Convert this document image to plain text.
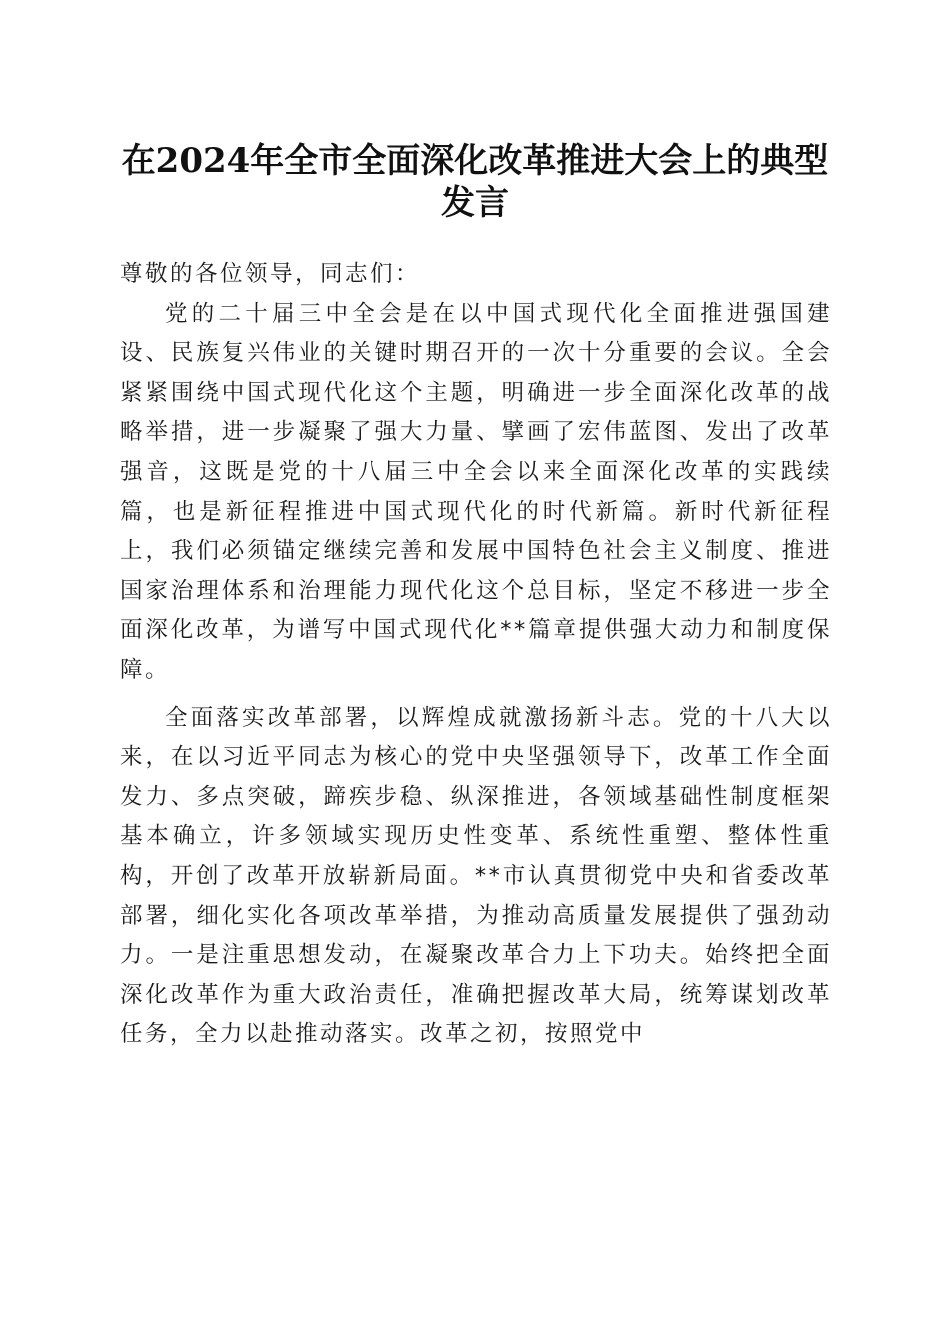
在2024年全市全面深化改革推进大会上的典型发言

尊敬的各位领导，同志们：

党的二十届三中全会是在以中国式现代化全面推进强国建设、民族复兴伟业的关键时期召开的一次十分重要的会议。全会紧紧围绕中国式现代化这个主题，明确进一步全面深化改革的战略举措，进一步凝聚了强大力量、擘画了宏伟蓝图、发出了改革强音，这既是党的十八届三中全会以来全面深化改革的实践续篇，也是新征程推进中国式现代化的时代新篇。新时代新征程上，我们必须锚定继续完善和发展中国特色社会主义制度、推进国家治理体系和治理能力现代化这个总目标，坚定不移进一步全面深化改革，为谱写中国式现代化**篇章提供强大动力和制度保障。

全面落实改革部署，以辉煌成就激扬新斗志。党的十八大以来，在以习近平同志为核心的党中央坚强领导下，改革工作全面发力、多点突破，蹄疾步稳、纵深推进，各领域基础性制度框架基本确立，许多领域实现历史性变革、系统性重塑、整体性重构，开创了改革开放崭新局面。**市认真贯彻党中央和省委改革部署，细化实化各项改革举措，为推动高质量发展提供了强劲动力。一是注重思想发动，在凝聚改革合力上下功夫。始终把全面深化改革作为重大政治责任，准确把握改革大局，统筹谋划改革任务，全力以赴推动落实。改革之初，按照党中
